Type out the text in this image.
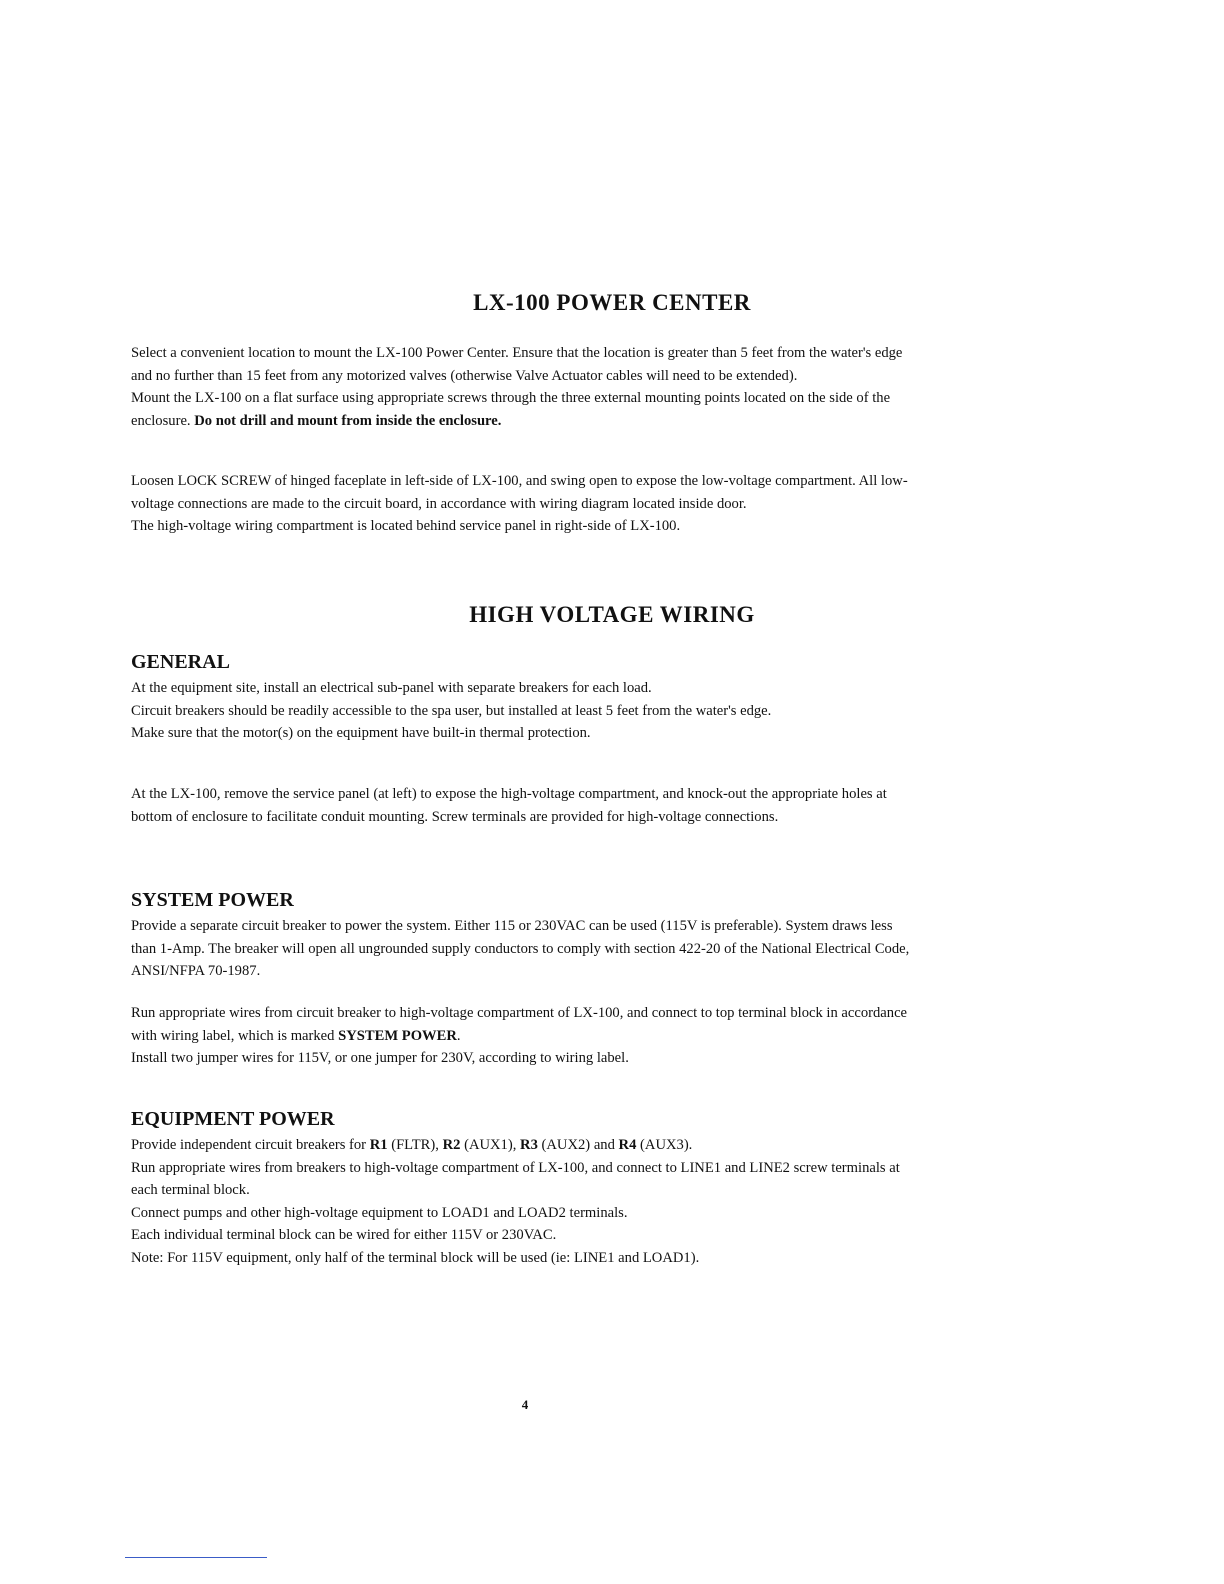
LX-100 POWER CENTER

Select a convenient location to mount the LX-100 Power Center. Ensure that the location is greater than 5 feet from the water's edge and no further than 15 feet from any motorized valves (otherwise Valve Actuator cables will need to be extended).

Mount the LX-100 on a flat surface using appropriate screws through the three external mounting points located on the side of the enclosure. Do not drill and mount from inside the enclosure.

Loosen LOCK SCREW of hinged faceplate in left-side of LX-100, and swing open to expose the low-voltage compartment. All low-voltage connections are made to the circuit board, in accordance with wiring diagram located inside door.

The high-voltage wiring compartment is located behind service panel in right-side of LX-100.

HIGH VOLTAGE WIRING
GENERAL

At the equipment site, install an electrical sub-panel with separate breakers for each load.

Circuit breakers should be readily accessible to the spa user, but installed at least 5 feet from the water's edge.

Make sure that the motor(s) on the equipment have built-in thermal protection.

At the LX-100, remove the service panel (at left) to expose the high-voltage compartment, and knock-out the appropriate holes at bottom of enclosure to facilitate conduit mounting. Screw terminals are provided for high-voltage connections.

SYSTEM POWER

Provide a separate circuit breaker to power the system. Either 115 or 230VAC can be used (115V is preferable). System draws less than 1-Amp. The breaker will open all ungrounded supply conductors to comply with section 422-20 of the National Electrical Code, ANSI/NFPA 70-1987.

Run appropriate wires from circuit breaker to high-voltage compartment of LX-100, and connect to top terminal block in accordance with wiring label, which is marked SYSTEM POWER.

Install two jumper wires for 115V, or one jumper for 230V, according to wiring label.

EQUIPMENT POWER

Provide independent circuit breakers for R1 (FLTR), R2 (AUX1), R3 (AUX2) and R4 (AUX3).

Run appropriate wires from breakers to high-voltage compartment of LX-100, and connect to LINE1 and LINE2 screw terminals at each terminal block.

Connect pumps and other high-voltage equipment to LOAD1 and LOAD2 terminals.

Each individual terminal block can be wired for either 115V or 230VAC.

Note: For 115V equipment, only half of the terminal block will be used (ie: LINE1 and LOAD1).

4
